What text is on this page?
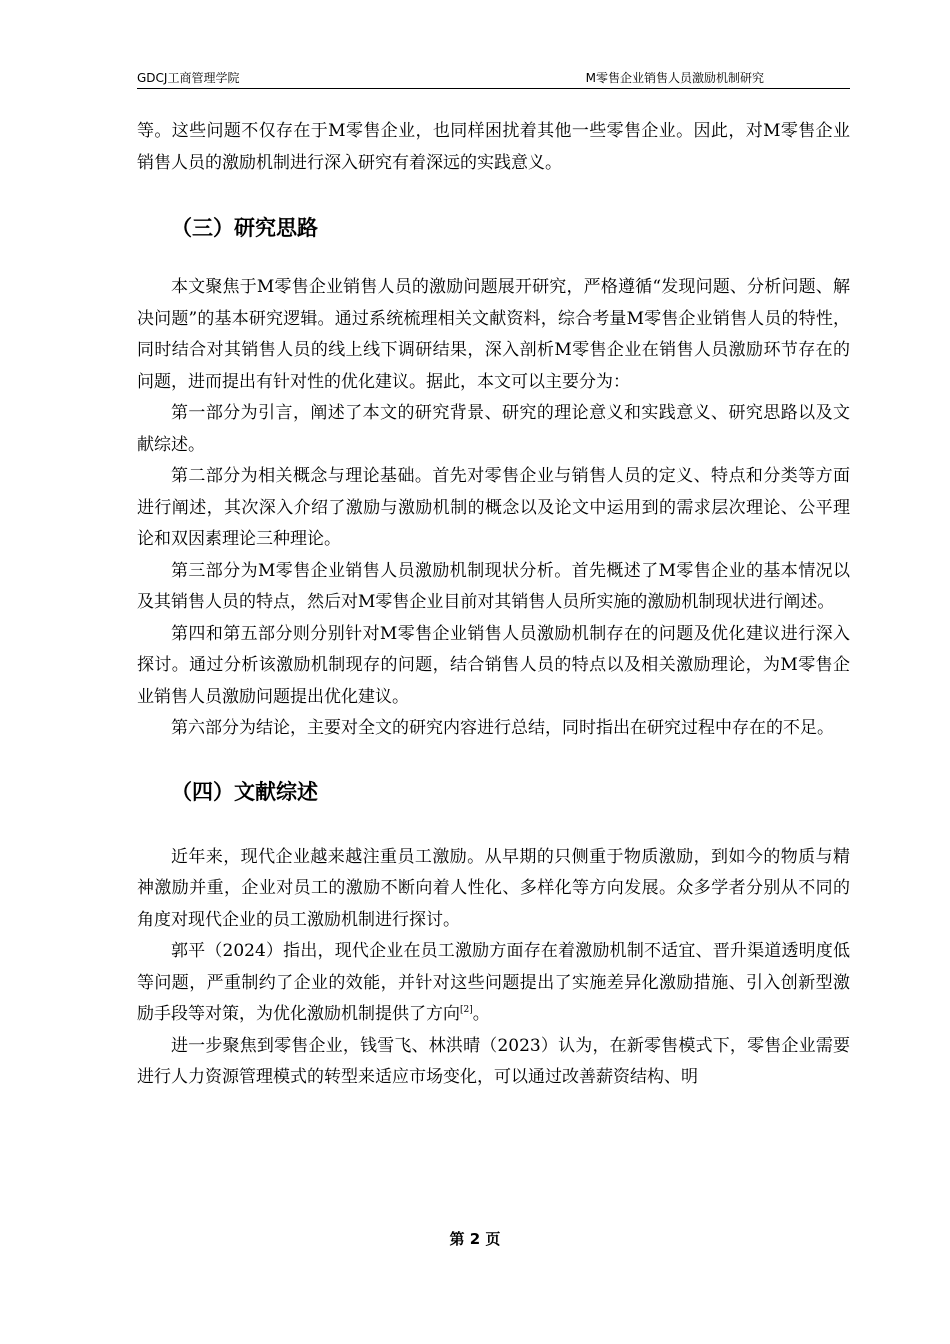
GDCJ工商管理学院	M零售企业销售人员激励机制研究

等。这些问题不仅存在于M零售企业，也同样困扰着其他一些零售企业。因此，对M零售企业销售人员的激励机制进行深入研究有着深远的实践意义。

（三）研究思路

本文聚焦于M零售企业销售人员的激励问题展开研究，严格遵循“发现问题、分析问题、解决问题”的基本研究逻辑。通过系统梳理相关文献资料，综合考量M零售企业销售人员的特性，同时结合对其销售人员的线上线下调研结果，深入剖析M零售企业在销售人员激励环节存在的问题，进而提出有针对性的优化建议。据此，本文可以主要分为：

第一部分为引言，阐述了本文的研究背景、研究的理论意义和实践意义、研究思路以及文献综述。

第二部分为相关概念与理论基础。首先对零售企业与销售人员的定义、特点和分类等方面进行阐述，其次深入介绍了激励与激励机制的概念以及论文中运用到的需求层次理论、公平理论和双因素理论三种理论。

第三部分为M零售企业销售人员激励机制现状分析。首先概述了M零售企业的基本情况以及其销售人员的特点，然后对M零售企业目前对其销售人员所实施的激励机制现状进行阐述。

第四和第五部分则分别针对M零售企业销售人员激励机制存在的问题及优化建议进行深入探讨。通过分析该激励机制现存的问题，结合销售人员的特点以及相关激励理论，为M零售企业销售人员激励问题提出优化建议。

第六部分为结论，主要对全文的研究内容进行总结，同时指出在研究过程中存在的不足。

（四）文献综述

近年来，现代企业越来越注重员工激励。从早期的只侧重于物质激励，到如今的物质与精神激励并重，企业对员工的激励不断向着人性化、多样化等方向发展。众多学者分别从不同的角度对现代企业的员工激励机制进行探讨。

郭平（2024）指出，现代企业在员工激励方面存在着激励机制不适宜、晋升渠道透明度低等问题，严重制约了企业的效能，并针对这些问题提出了实施差异化激励措施、引入创新型激励手段等对策，为优化激励机制提供了方向[2]。

进一步聚焦到零售企业，钱雪飞、林洪晴（2023）认为，在新零售模式下，零售企业需要进行人力资源管理模式的转型来适应市场变化，可以通过改善薪资结构、明

第 2 页
